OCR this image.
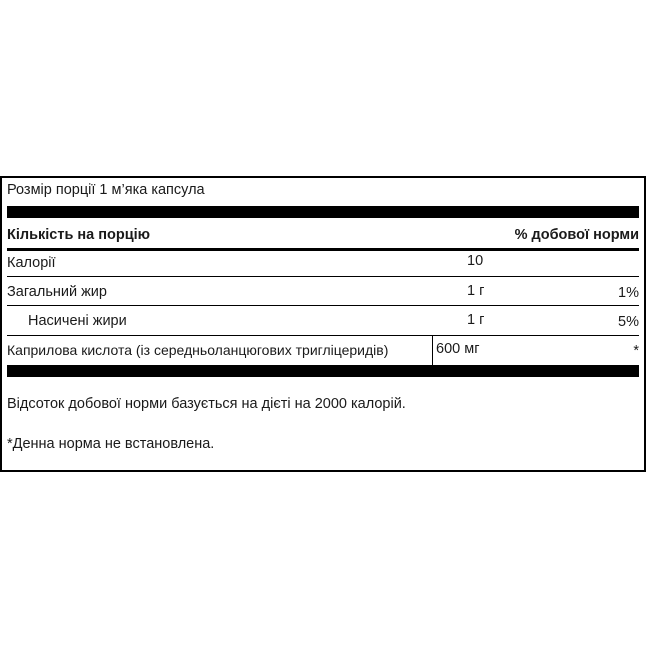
Розмір порції 1 м’яка капсула
Кількість на порцію	% добової норми
Калорії	10
Загальний жир	1 г	1%
Насичені жири	1 г	5%
Каприлова кислота (із середньоланцюгових тригліцеридів)	600 мг	*
Відсоток добової норми базується на дієті на 2000 калорій.
*Денна норма не встановлена.
